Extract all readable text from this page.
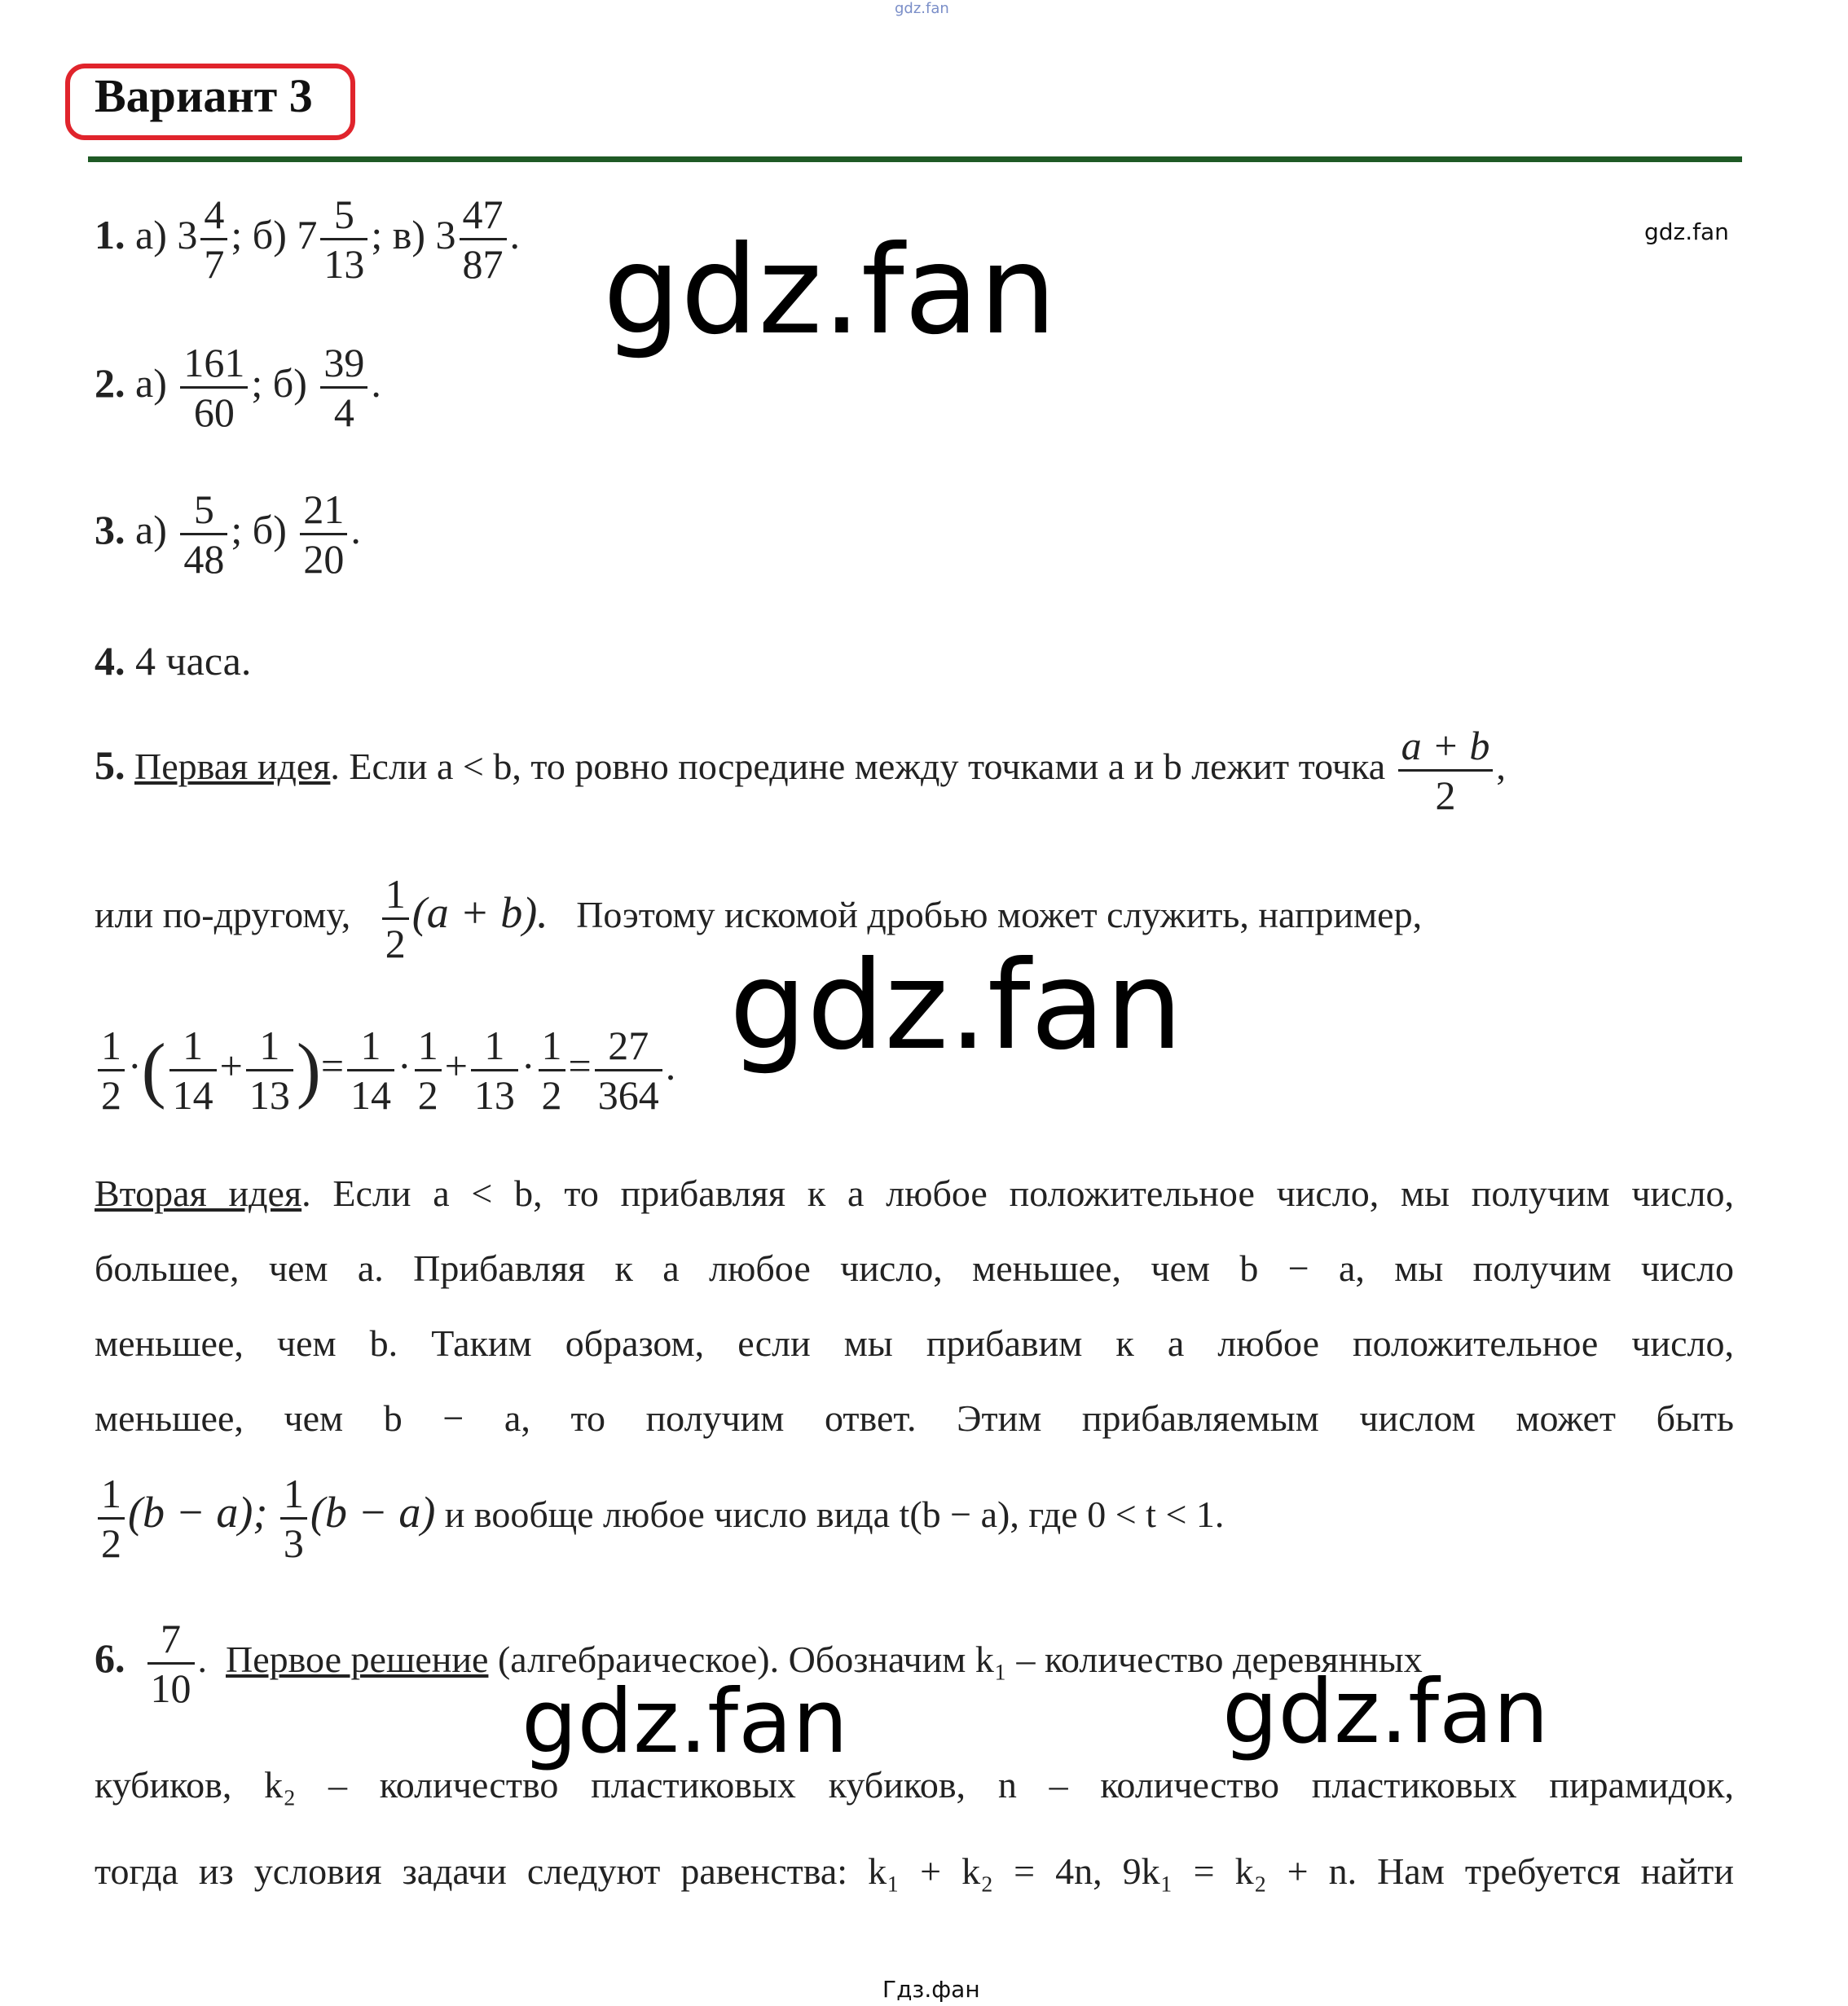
gdz.fan
Вариант 3
gdz.fan
1. а) $3 \frac{4}{7}$ ; б) $7 \frac{5}{13}$ ; в) $3 \frac{47}{87}$ .
2. $а) \frac{161}{60}$ ; $б) \frac{39}{4}$ .
3. $а) \frac{5}{48}$ ; $б) \frac{21}{20}$ .
4. 4 часа.
5. Первая идея. Если a < b, то ровно посредине между точками a и b лежит точка $\frac{a + b}{2}$ ,
или по-другому, $\frac{1}{2} (a + b)$. Поэтому искомой дробью может служить, например,
$\frac{1}{2}$ ·( $\frac{1}{14} + \frac{1}{13}$ )= $\frac{1}{14} \cdot \frac{1}{2} + \frac{1}{13} \cdot \frac{1}{2} = \frac{27}{364}$ .
Вторая идея. Если a < b, то прибавляя к a любое положительное число, мы получим число,
большее, чем a. Прибавляя к a любое число, меньшее, чем b − a, мы получим число
меньшее, чем b. Таким образом, если мы прибавим к a любое положительное число,
меньшее, чем b − a, то получим ответ. Этим прибавляемым числом может быть
$\frac{1}{2} (b - a)$; $\frac{1}{3} (b - a)$ и вообще любое число вида t(b − a), где 0 < t < 1.
6. $\frac{7}{10}$ . Первое решение (алгебраическое). Обозначим k₁ – количество деревянных
кубиков, k₂ – количество пластиковых кубиков, n – количество пластиковых пирамидок,
тогда из условия задачи следуют равенства: k₁ + k₂ = 4n, 9k₁ = k₂ + n. Нам требуется найти
gdz.fan
gdz.fan
gdz.fan	gdz.fan
Гдз.фан
